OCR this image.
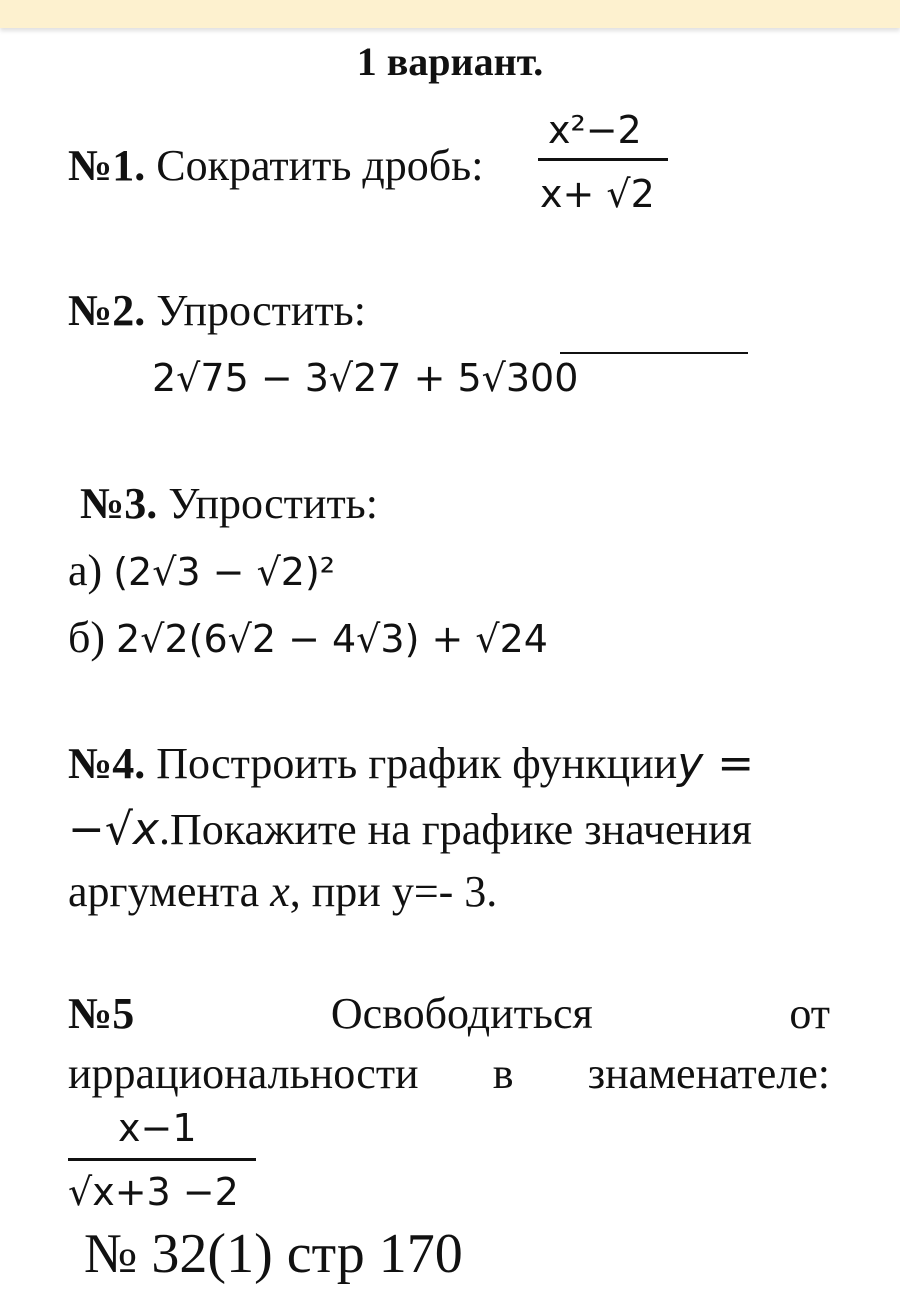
1 вариант.
№1. Сократить дробь:
x²−2
x+ √2
№2. Упростить:
2√75 − 3√27 + 5√300
№3. Упростить:
а) (2√3 − √2)²
б) 2√2(6√2 − 4√3) + √24
№4. Построить график функцииy =
−√x.Покажите на графике значения
аргумента x, при y=- 3.
№5	Освободиться	от
иррациональности в знаменателе:
x−1
√x+3 −2
№ 32(1) стр 170
